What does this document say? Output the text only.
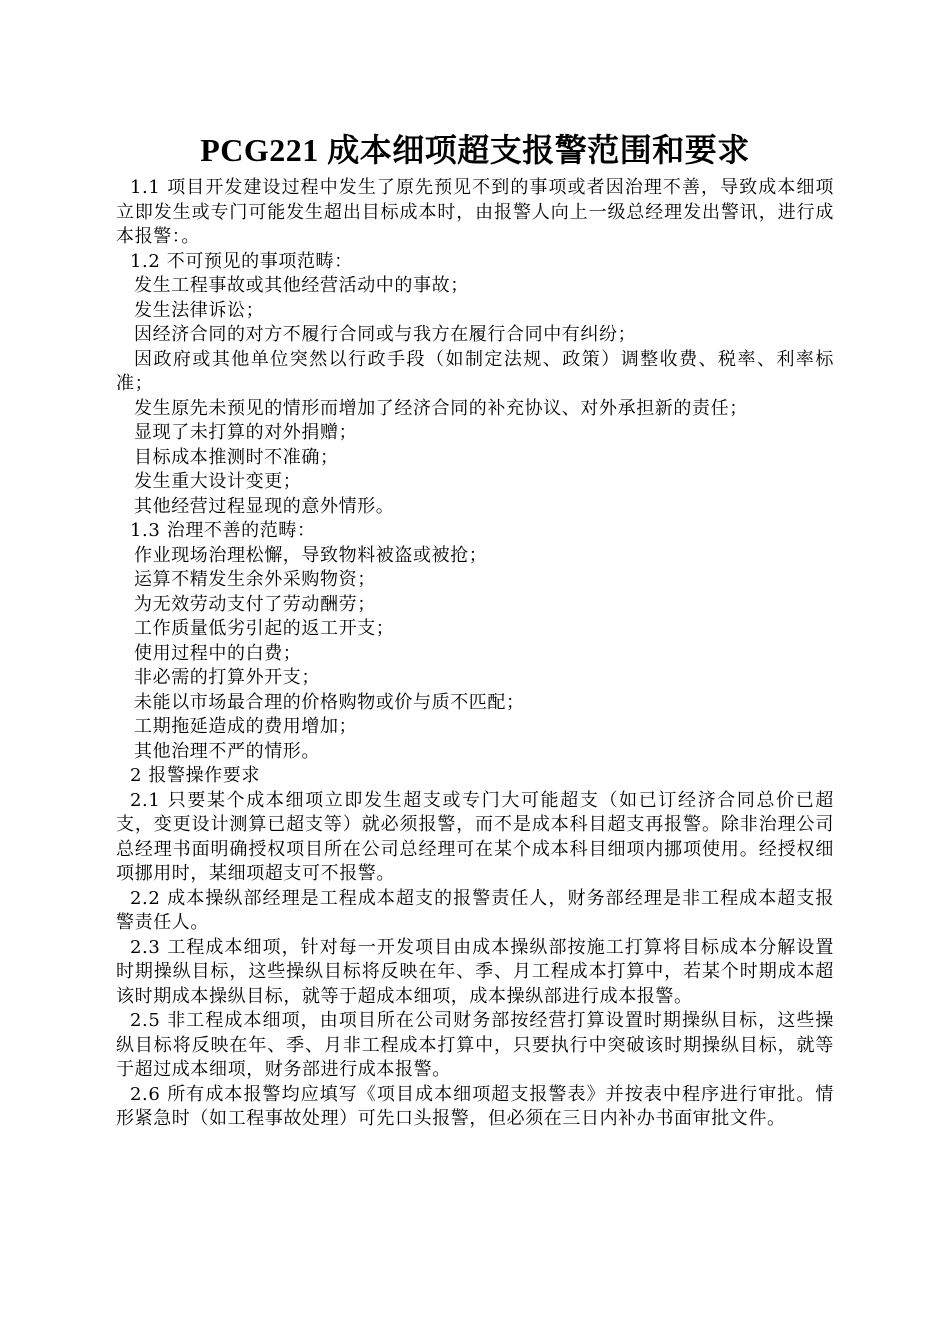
PCG221 成本细项超支报警范围和要求

1.1 项目开发建设过程中发生了原先预见不到的事项或者因治理不善，导致成本细项立即发生或专门可能发生超出目标成本时，由报警人向上一级总经理发出警讯，进行成本报警：。

1.2 不可预见的事项范畴：

发生工程事故或其他经营活动中的事故；

发生法律诉讼；

因经济合同的对方不履行合同或与我方在履行合同中有纠纷；

因政府或其他单位突然以行政手段（如制定法规、政策）调整收费、税率、利率标准；

发生原先未预见的情形而增加了经济合同的补充协议、对外承担新的责任；

显现了未打算的对外捐赠；

目标成本推测时不准确；

发生重大设计变更；

其他经营过程显现的意外情形。

1.3 治理不善的范畴：

作业现场治理松懈，导致物料被盗或被抢；

运算不精发生余外采购物资；

为无效劳动支付了劳动酬劳；

工作质量低劣引起的返工开支；

使用过程中的白费；

非必需的打算外开支；

未能以市场最合理的价格购物或价与质不匹配；

工期拖延造成的费用增加；

其他治理不严的情形。

2 报警操作要求

2.1 只要某个成本细项立即发生超支或专门大可能超支（如已订经济合同总价已超支，变更设计测算已超支等）就必须报警，而不是成本科目超支再报警。除非治理公司总经理书面明确授权项目所在公司总经理可在某个成本科目细项内挪项使用。经授权细项挪用时，某细项超支可不报警。

2.2 成本操纵部经理是工程成本超支的报警责任人，财务部经理是非工程成本超支报警责任人。

2.3 工程成本细项，针对每一开发项目由成本操纵部按施工打算将目标成本分解设置时期操纵目标，这些操纵目标将反映在年、季、月工程成本打算中，若某个时期成本超该时期成本操纵目标，就等于超成本细项，成本操纵部进行成本报警。

2.5 非工程成本细项，由项目所在公司财务部按经营打算设置时期操纵目标，这些操纵目标将反映在年、季、月非工程成本打算中，只要执行中突破该时期操纵目标，就等于超过成本细项，财务部进行成本报警。

2.6 所有成本报警均应填写《项目成本细项超支报警表》并按表中程序进行审批。情形紧急时（如工程事故处理）可先口头报警，但必须在三日内补办书面审批文件。
